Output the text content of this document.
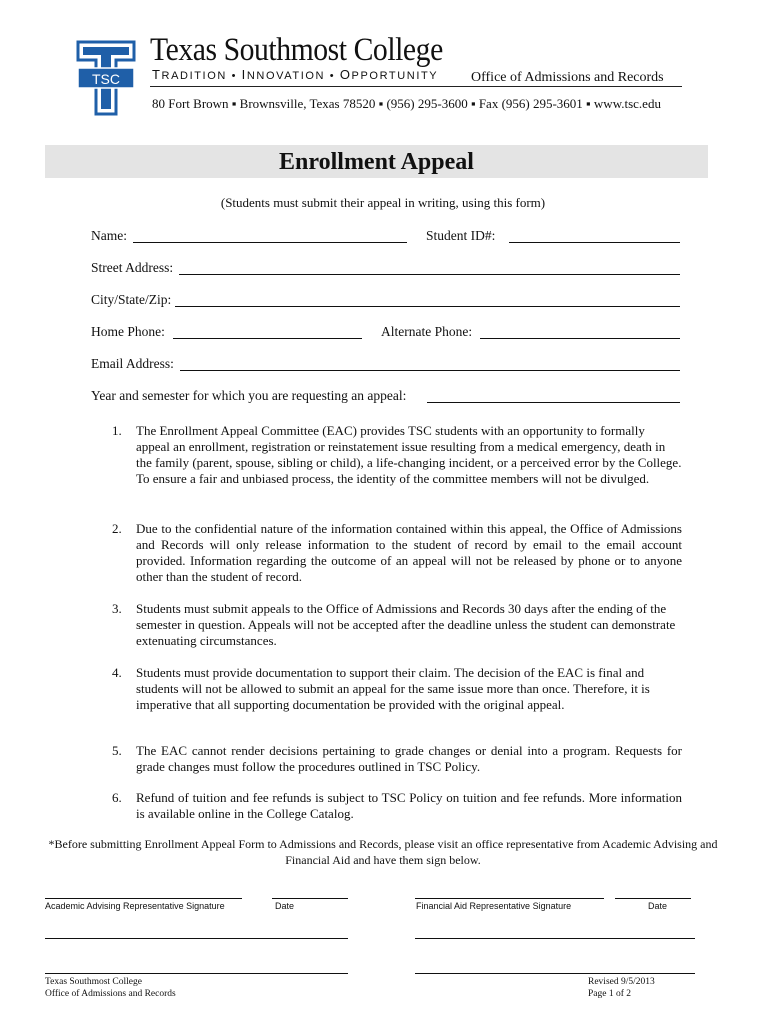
TSC
Texas Southmost College
TRADITION • INNOVATION • OPPORTUNITY Office of Admissions and Records
80 Fort Brown ▪ Brownsville, Texas 78520 ▪ (956) 295-3600 ▪ Fax (956) 295-3601 ▪ www.tsc.edu
Enrollment Appeal
(Students must submit their appeal in writing, using this form)
Name:	Student ID#:
Street Address:
City/State/Zip:
Home Phone:	Alternate Phone:
Email Address:
Year and semester for which you are requesting an appeal:
1. The Enrollment Appeal Committee (EAC) provides TSC students with an opportunity to formally appeal an enrollment, registration or reinstatement issue resulting from a medical emergency, death in the family (parent, spouse, sibling or child), a life-changing incident, or a perceived error by the College. To ensure a fair and unbiased process, the identity of the committee members will not be divulged.
2. Due to the confidential nature of the information contained within this appeal, the Office of Admissions and Records will only release information to the student of record by email to the email account provided. Information regarding the outcome of an appeal will not be released by phone or to anyone other than the student of record.
3. Students must submit appeals to the Office of Admissions and Records 30 days after the ending of the semester in question. Appeals will not be accepted after the deadline unless the student can demonstrate extenuating circumstances.
4. Students must provide documentation to support their claim. The decision of the EAC is final and students will not be allowed to submit an appeal for the same issue more than once. Therefore, it is imperative that all supporting documentation be provided with the original appeal.
5. The EAC cannot render decisions pertaining to grade changes or denial into a program. Requests for grade changes must follow the procedures outlined in TSC Policy.
6. Refund of tuition and fee refunds is subject to TSC Policy on tuition and fee refunds. More information is available online in the College Catalog.
*Before submitting Enrollment Appeal Form to Admissions and Records, please visit an office representative from Academic Advising and Financial Aid and have them sign below.
Academic Advising Representative Signature	Date	Financial Aid Representative Signature	Date
Texas Southmost College
Office of Admissions and Records
Revised 9/5/2013
Page 1 of 2
